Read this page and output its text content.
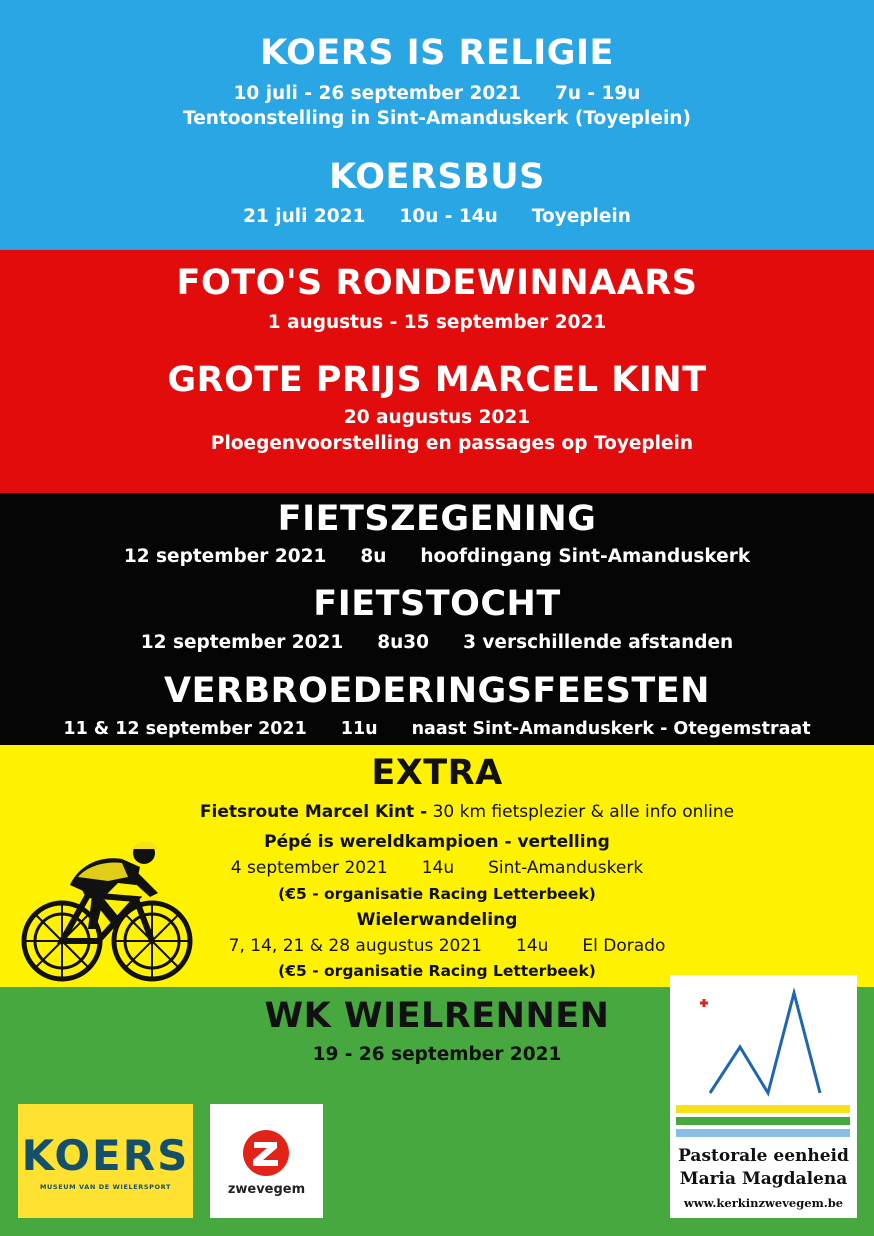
KOERS IS RELIGIE
10 juli - 26 september 2021 7u - 19u
Tentoonstelling in Sint-Amanduskerk (Toyeplein)
KOERSBUS
21 juli 2021 10u - 14u Toyeplein
FOTO'S RONDEWINNAARS
1 augustus - 15 september 2021
GROTE PRIJS MARCEL KINT
20 augustus 2021
Ploegenvoorstelling en passages op Toyeplein
FIETSZEGENING
12 september 2021 8u hoofdingang Sint-Amanduskerk
FIETSTOCHT
12 september 2021 8u30 3 verschillende afstanden
VERBROEDERINGSFEESTEN
11 & 12 september 2021 11u naast Sint-Amanduskerk - Otegemstraat
EXTRA
Fietsroute Marcel Kint - 30 km fietsplezier & alle info online
Pépé is wereldkampioen - vertelling
4 september 2021 14u Sint-Amanduskerk
(€5 - organisatie Racing Letterbeek)
Wielerwandeling
7, 14, 21 & 28 augustus 2021 14u El Dorado
(€5 - organisatie Racing Letterbeek)
WK WIELRENNEN
19 - 26 september 2021
KOERS
MUSEUM VAN DE WIELERSPORT	zwevegem
Pastorale eenheid
Maria Magdalena
www.kerkinzwevegem.be
